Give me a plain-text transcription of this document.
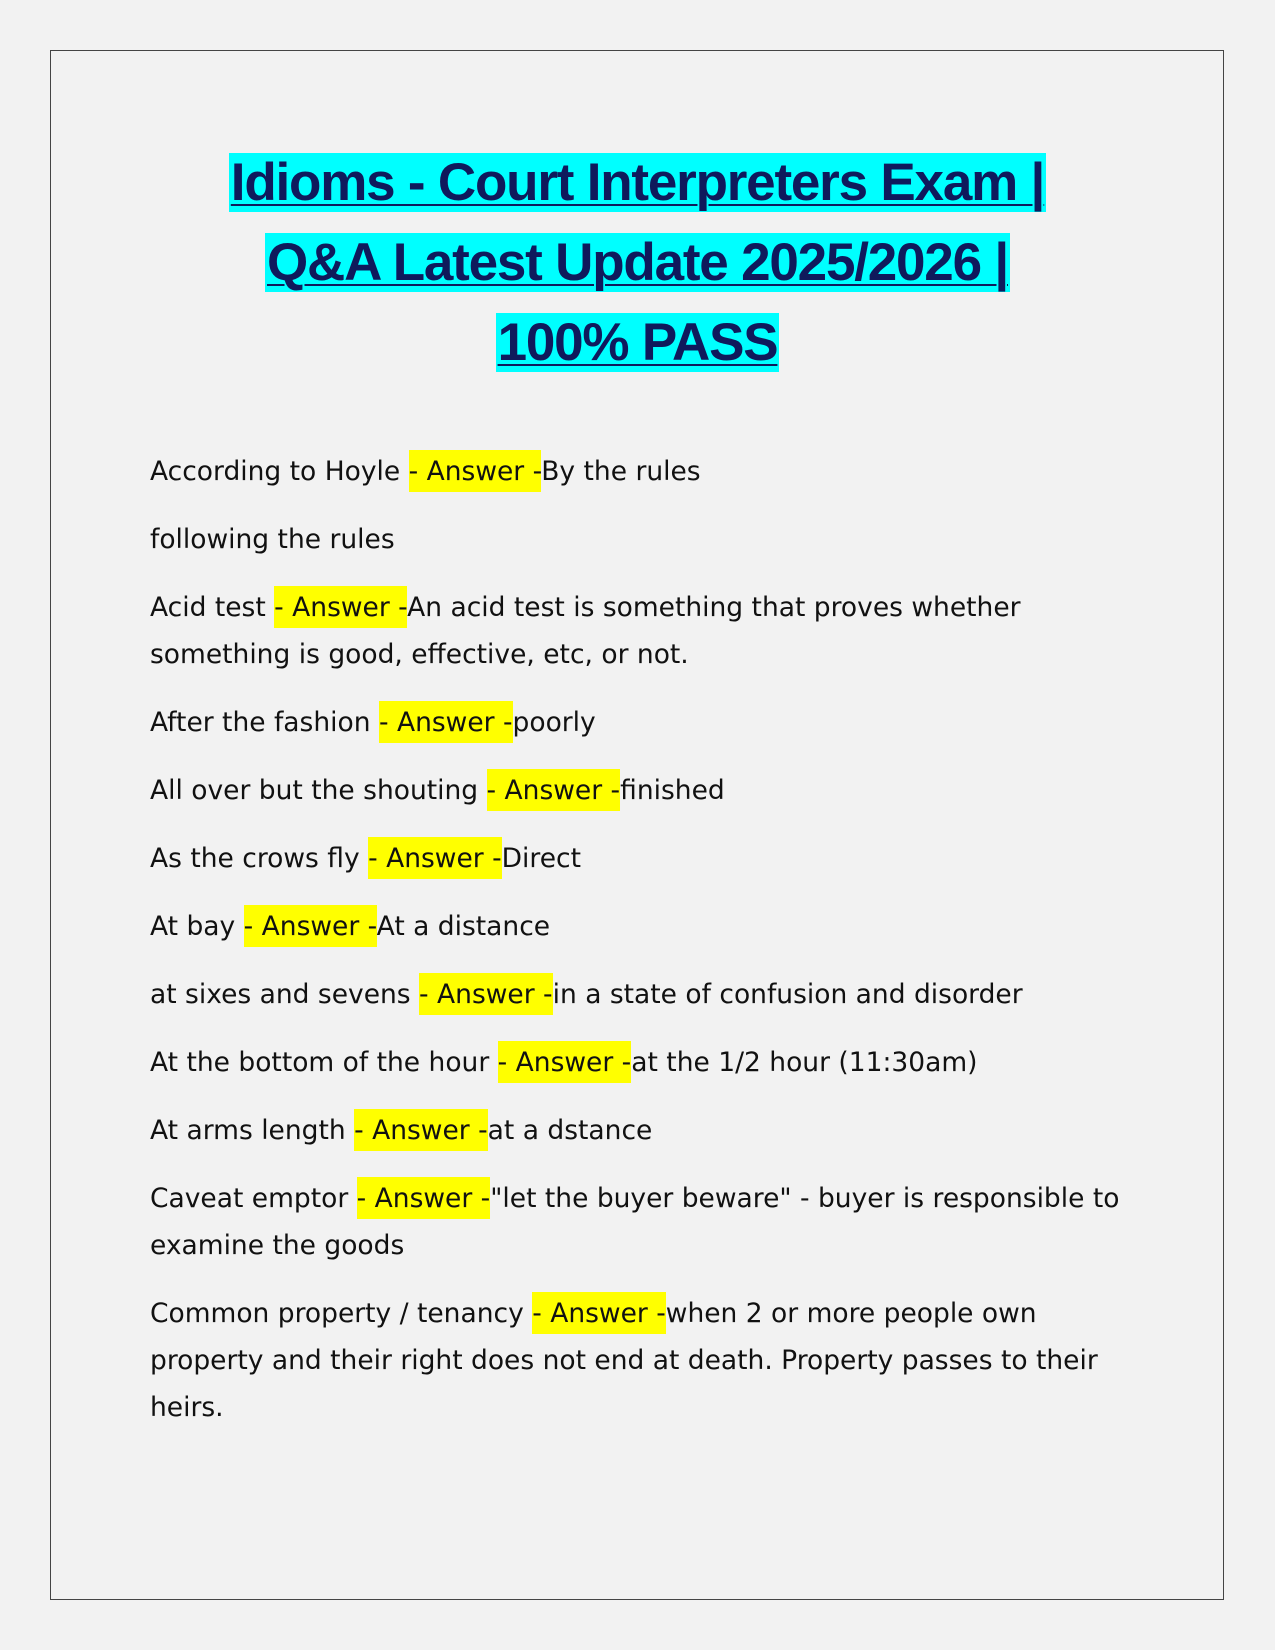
Idioms - Court Interpreters Exam |
Q&A Latest Update 2025/2026 |
100% PASS
According to Hoyle - Answer -By the rules
following the rules
Acid test - Answer -An acid test is something that proves whether something is good, effective, etc, or not.
After the fashion - Answer -poorly
All over but the shouting - Answer -finished
As the crows fly - Answer -Direct
At bay - Answer -At a distance
at sixes and sevens - Answer -in a state of confusion and disorder
At the bottom of the hour - Answer -at the 1/2 hour (11:30am)
At arms length - Answer -at a dstance
Caveat emptor - Answer -"let the buyer beware" - buyer is responsible to examine the goods
Common property / tenancy - Answer -when 2 or more people own property and their right does not end at death. Property passes to their heirs.
